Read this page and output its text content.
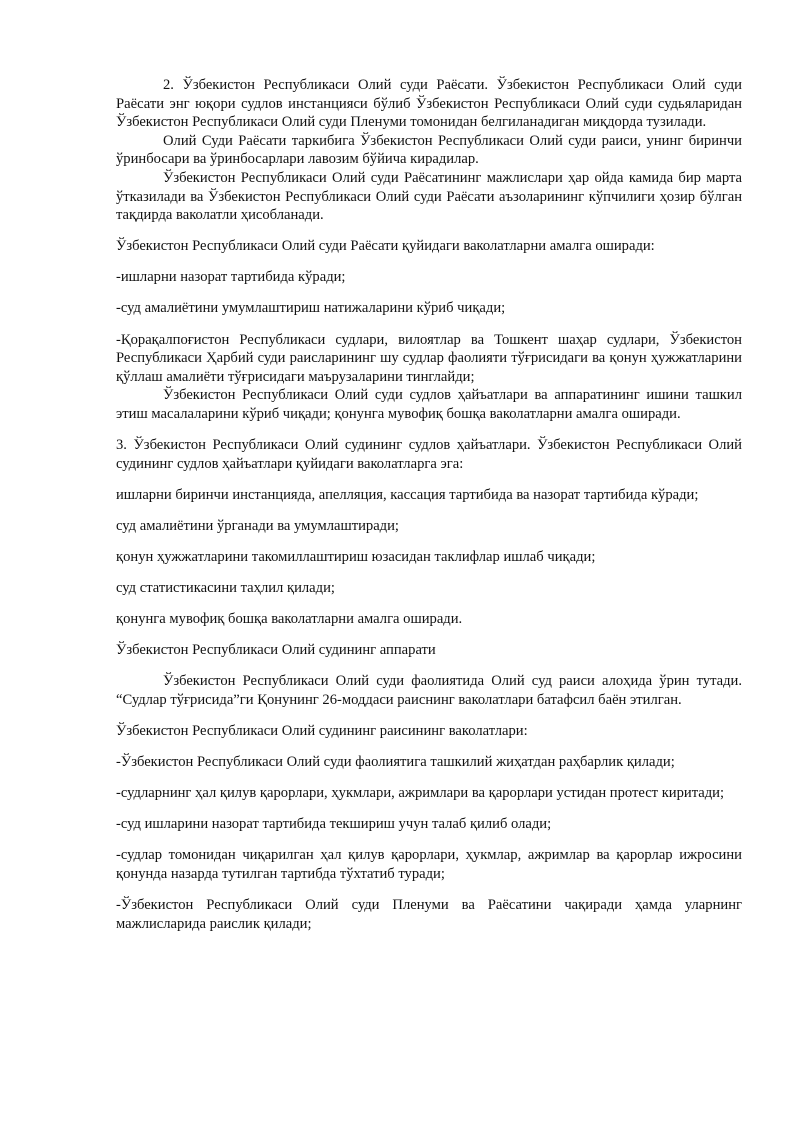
2. Ўзбекистон Республикаси Олий суди Раёсати. Ўзбекистон Республикаси Олий суди Раёсати энг юқори судлов инстанцияси бўлиб Ўзбекистон Республикаси Олий суди судьяларидан Ўзбекистон Республикаси Олий суди Пленуми томонидан белгиланадиган миқдорда тузилади.

Олий Суди Раёсати таркибига Ўзбекистон Республикаси Олий суди раиси, унинг биринчи ўринбосари ва ўринбосарлари лавозим бўйича кирадилар.

Ўзбекистон Республикаси Олий суди Раёсатининг мажлислари ҳар ойда камида бир марта ўтказилади ва Ўзбекистон Республикаси Олий суди Раёсати аъзоларининг кўпчилиги ҳозир бўлган тақдирда ваколатли ҳисобланади.

Ўзбекистон Республикаси Олий суди Раёсати қуйидаги ваколатларни амалга оширади:

-ишларни назорат тартибида кўради;

-суд амалиётини умумлаштириш натижаларини кўриб чиқади;

-Қорақалпоғистон Республикаси судлари, вилоятлар ва Тошкент шаҳар судлари, Ўзбекистон Республикаси Ҳарбий суди раисларининг шу судлар фаолияти тўғрисидаги ва қонун ҳужжатларини қўллаш амалиёти тўғрисидаги маърузаларини тинглайди;

Ўзбекистон Республикаси Олий суди судлов ҳайъатлари ва аппаратининг ишини ташкил этиш масалаларини кўриб чиқади; қонунга мувофиқ бошқа ваколатларни амалга оширади.

3. Ўзбекистон Республикаси Олий судининг судлов ҳайъатлари. Ўзбекистон Республикаси Олий судининг судлов ҳайъатлари қуйидаги ваколатларга эга:

ишларни биринчи инстанцияда, апелляция, кассация тартибида ва назорат тартибида кўради;

суд амалиётини ўрганади ва умумлаштиради;

қонун ҳужжатларини такомиллаштириш юзасидан таклифлар ишлаб чиқади;

суд статистикасини таҳлил қилади;

қонунга мувофиқ бошқа ваколатларни амалга оширади.

Ўзбекистон Республикаси Олий судининг аппарати

Ўзбекистон Республикаси Олий суди фаолиятида Олий суд раиси алоҳида ўрин тутади. “Судлар тўғрисида”ги Қонунинг 26-моддаси раиснинг ваколатлари батафсил баён этилган.

Ўзбекистон Республикаси Олий судининг раисининг ваколатлари:

-Ўзбекистон Республикаси Олий суди фаолиятига ташкилий жиҳатдан раҳбарлик қилади;

-судларнинг ҳал қилув қарорлари, ҳукмлари, ажримлари ва қарорлари устидан протест киритади;

-суд ишларини назорат тартибида текшириш учун талаб қилиб олади;

-судлар томонидан чиқарилган ҳал қилув қарорлари, ҳукмлар, ажримлар ва қарорлар ижросини қонунда назарда тутилган тартибда тўхтатиб туради;

-Ўзбекистон Республикаси Олий суди Пленуми ва Раёсатини чақиради ҳамда уларнинг мажлисларида раислик қилади;
